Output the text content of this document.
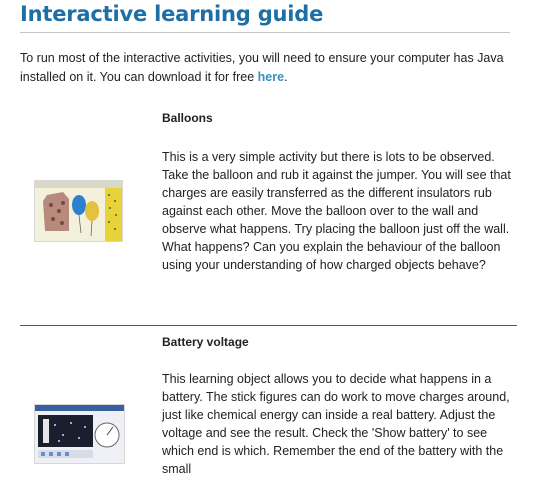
Interactive learning guide

To run most of the interactive activities, you will need to ensure your computer has Java installed on it. You can download it for free here.

Balloons

This is a very simple activity but there is lots to be observed. Take the balloon and rub it against the jumper. You will see that charges are easily transferred as the different insulators rub against each other. Move the balloon over to the wall and observe what happens. Try placing the balloon just off the wall. What happens? Can you explain the behaviour of the balloon using your understanding of how charged objects behave?

Battery voltage

This learning object allows you to decide what happens in a battery. The stick figures can do work to move charges around, just like chemical energy can inside a real battery. Adjust the voltage and see the result. Check the 'Show battery' to see which end is which. Remember the end of the battery with the small
